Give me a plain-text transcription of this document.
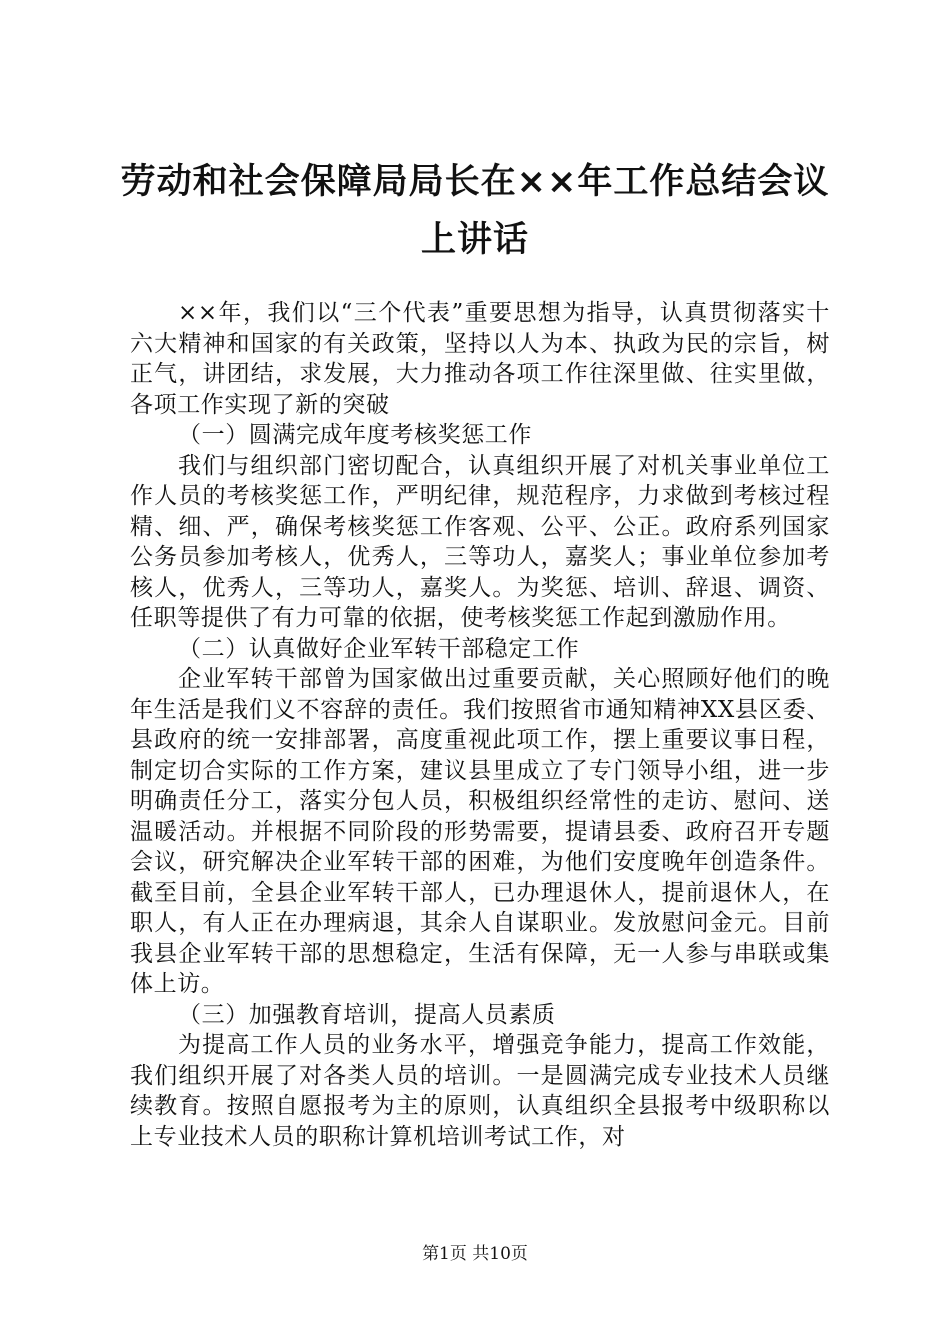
劳动和社会保障局局长在××年工作总结会议
上讲话

××年，我们以“三个代表”重要思想为指导，认真贯彻落实十六大精神和国家的有关政策，坚持以人为本、执政为民的宗旨，树正气，讲团结，求发展，大力推动各项工作往深里做、往实里做，各项工作实现了新的突破

（一）圆满完成年度考核奖惩工作

我们与组织部门密切配合，认真组织开展了对机关事业单位工作人员的考核奖惩工作，严明纪律，规范程序，力求做到考核过程精、细、严，确保考核奖惩工作客观、公平、公正。政府系列国家公务员参加考核人，优秀人，三等功人，嘉奖人；事业单位参加考核人，优秀人，三等功人，嘉奖人。为奖惩、培训、辞退、调资、任职等提供了有力可靠的依据，使考核奖惩工作起到激励作用。

（二）认真做好企业军转干部稳定工作

企业军转干部曾为国家做出过重要贡献，关心照顾好他们的晚年生活是我们义不容辞的责任。我们按照省市通知精神XX县区委、县政府的统一安排部署，高度重视此项工作，摆上重要议事日程，制定切合实际的工作方案，建议县里成立了专门领导小组，进一步明确责任分工，落实分包人员，积极组织经常性的走访、慰问、送温暖活动。并根据不同阶段的形势需要，提请县委、政府召开专题会议，研究解决企业军转干部的困难，为他们安度晚年创造条件。截至目前，全县企业军转干部人，已办理退休人，提前退休人，在职人，有人正在办理病退，其余人自谋职业。发放慰问金元。目前我县企业军转干部的思想稳定，生活有保障，无一人参与串联或集体上访。

（三）加强教育培训，提高人员素质

为提高工作人员的业务水平，增强竞争能力，提高工作效能，我们组织开展了对各类人员的培训。一是圆满完成专业技术人员继续教育。按照自愿报考为主的原则，认真组织全县报考中级职称以上专业技术人员的职称计算机培训考试工作，对

第1页 共10页
